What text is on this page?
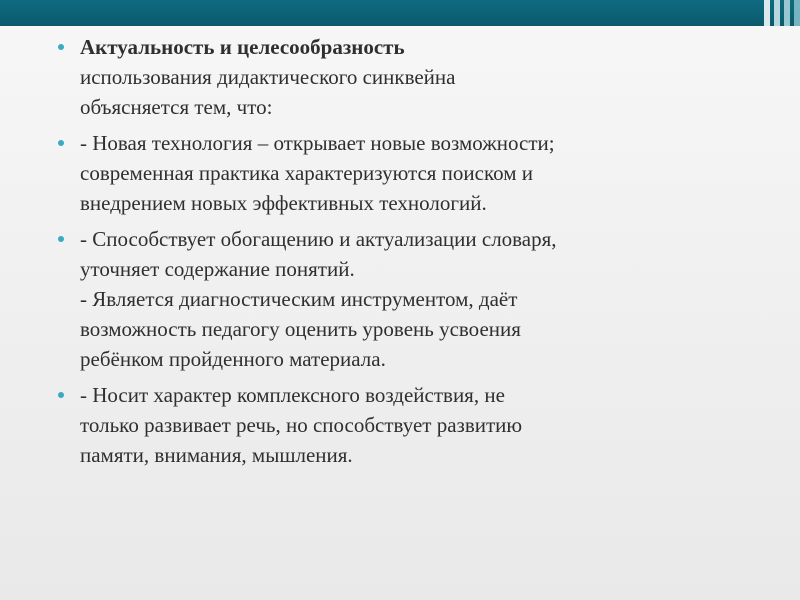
Актуальность и целесообразность
использования дидактического синквейна
объясняется тем, что:
- Новая технология – открывает новые возможности;
современная практика характеризуются поиском и
внедрением новых эффективных технологий.
- Способствует обогащению и актуализации словаря,
уточняет содержание понятий.
- Является диагностическим инструментом, даёт
возможность педагогу оценить уровень усвоения
ребёнком пройденного материала.
- Носит характер комплексного воздействия, не
только развивает речь, но способствует развитию
памяти, внимания, мышления.
